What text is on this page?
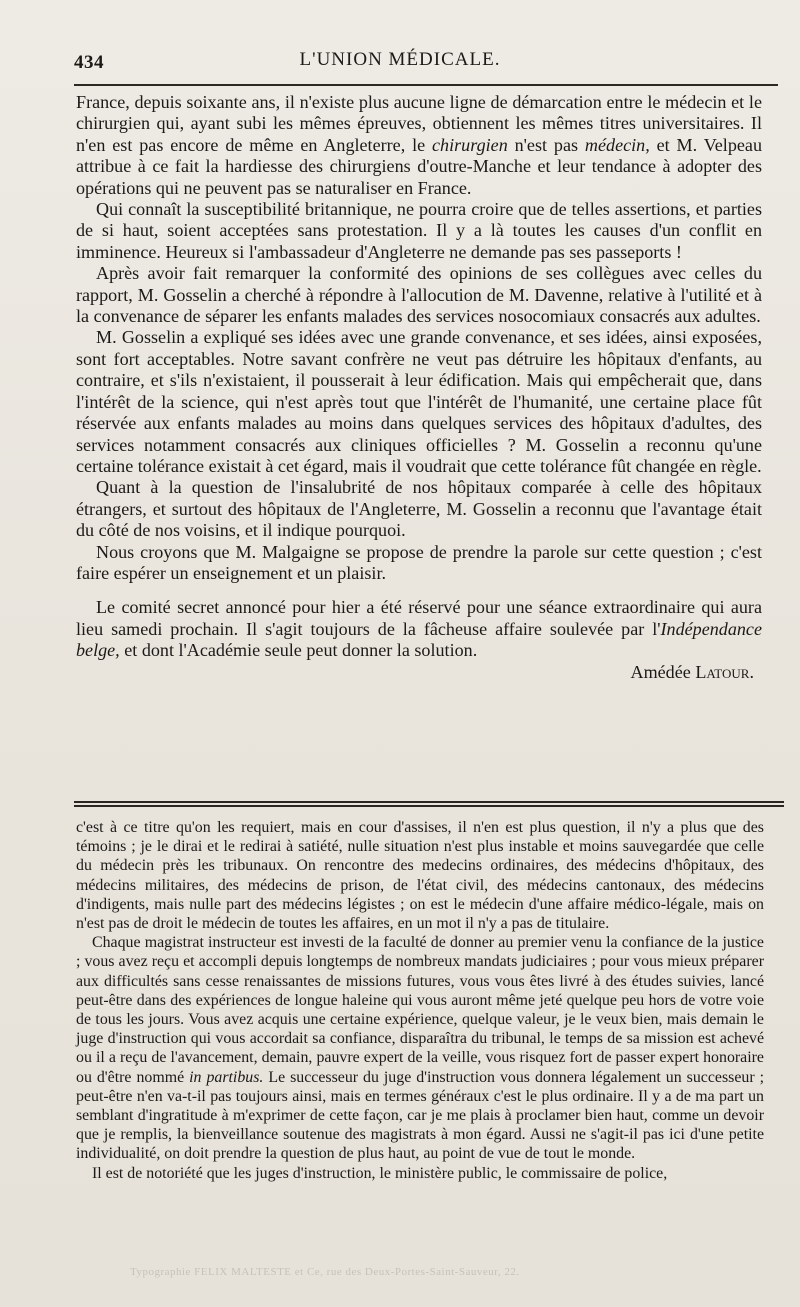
434	L'UNION MÉDICALE.

France, depuis soixante ans, il n'existe plus aucune ligne de démarcation entre le médecin et le chirurgien qui, ayant subi les mêmes épreuves, obtiennent les mêmes titres universitaires. Il n'en est pas encore de même en Angleterre, le chirurgien n'est pas médecin, et M. Velpeau attribue à ce fait la hardiesse des chirurgiens d'outre-Manche et leur tendance à adopter des opérations qui ne peuvent pas se naturaliser en France.

Qui connaît la susceptibilité britannique, ne pourra croire que de telles assertions, et parties de si haut, soient acceptées sans protestation. Il y a là toutes les causes d'un conflit en imminence. Heureux si l'ambassadeur d'Angleterre ne demande pas ses passeports !

Après avoir fait remarquer la conformité des opinions de ses collègues avec celles du rapport, M. Gosselin a cherché à répondre à l'allocution de M. Davenne, relative à l'utilité et à la convenance de séparer les enfants malades des services nosocomiaux consacrés aux adultes.

M. Gosselin a expliqué ses idées avec une grande convenance, et ses idées, ainsi exposées, sont fort acceptables. Notre savant confrère ne veut pas détruire les hôpitaux d'enfants, au contraire, et s'ils n'existaient, il pousserait à leur édification. Mais qui empêcherait que, dans l'intérêt de la science, qui n'est après tout que l'intérêt de l'humanité, une certaine place fût réservée aux enfants malades au moins dans quelques services des hôpitaux d'adultes, des services notamment consacrés aux cliniques officielles ? M. Gosselin a reconnu qu'une certaine tolérance existait à cet égard, mais il voudrait que cette tolérance fût changée en règle.

Quant à la question de l'insalubrité de nos hôpitaux comparée à celle des hôpitaux étrangers, et surtout des hôpitaux de l'Angleterre, M. Gosselin a reconnu que l'avantage était du côté de nos voisins, et il indique pourquoi.

Nous croyons que M. Malgaigne se propose de prendre la parole sur cette question ; c'est faire espérer un enseignement et un plaisir.

Le comité secret annoncé pour hier a été réservé pour une séance extraordinaire qui aura lieu samedi prochain. Il s'agit toujours de la fâcheuse affaire soulevée par l'Indépendance belge, et dont l'Académie seule peut donner la solution.

Amédée Latour.

c'est à ce titre qu'on les requiert, mais en cour d'assises, il n'en est plus question, il n'y a plus que des témoins ; je le dirai et le redirai à satiété, nulle situation n'est plus instable et moins sauvegardée que celle du médecin près les tribunaux. On rencontre des medecins ordinaires, des médecins d'hôpitaux, des médecins militaires, des médecins de prison, de l'état civil, des médecins cantonaux, des médecins d'indigents, mais nulle part des médecins légistes ; on est le médecin d'une affaire médico-légale, mais on n'est pas de droit le médecin de toutes les affaires, en un mot il n'y a pas de titulaire.

Chaque magistrat instructeur est investi de la faculté de donner au premier venu la confiance de la justice ; vous avez reçu et accompli depuis longtemps de nombreux mandats judiciaires ; pour vous mieux préparer aux difficultés sans cesse renaissantes de missions futures, vous vous êtes livré à des études suivies, lancé peut-être dans des expériences de longue haleine qui vous auront même jeté quelque peu hors de votre voie de tous les jours. Vous avez acquis une certaine expérience, quelque valeur, je le veux bien, mais demain le juge d'instruction qui vous accordait sa confiance, disparaîtra du tribunal, le temps de sa mission est achevé ou il a reçu de l'avancement, demain, pauvre expert de la veille, vous risquez fort de passer expert honoraire ou d'être nommé in partibus. Le successeur du juge d'instruction vous donnera légalement un successeur ; peut-être n'en va-t-il pas toujours ainsi, mais en termes généraux c'est le plus ordinaire. Il y a de ma part un semblant d'ingratitude à m'exprimer de cette façon, car je me plais à proclamer bien haut, comme un devoir que je remplis, la bienveillance soutenue des magistrats à mon égard. Aussi ne s'agit-il pas ici d'une petite individualité, on doit prendre la question de plus haut, au point de vue de tout le monde.

Il est de notoriété que les juges d'instruction, le ministère public, le commissaire de police,

Typographie FELIX MALTESTE et Ce, rue des Deux-Portes-Saint-Sauveur, 22.
